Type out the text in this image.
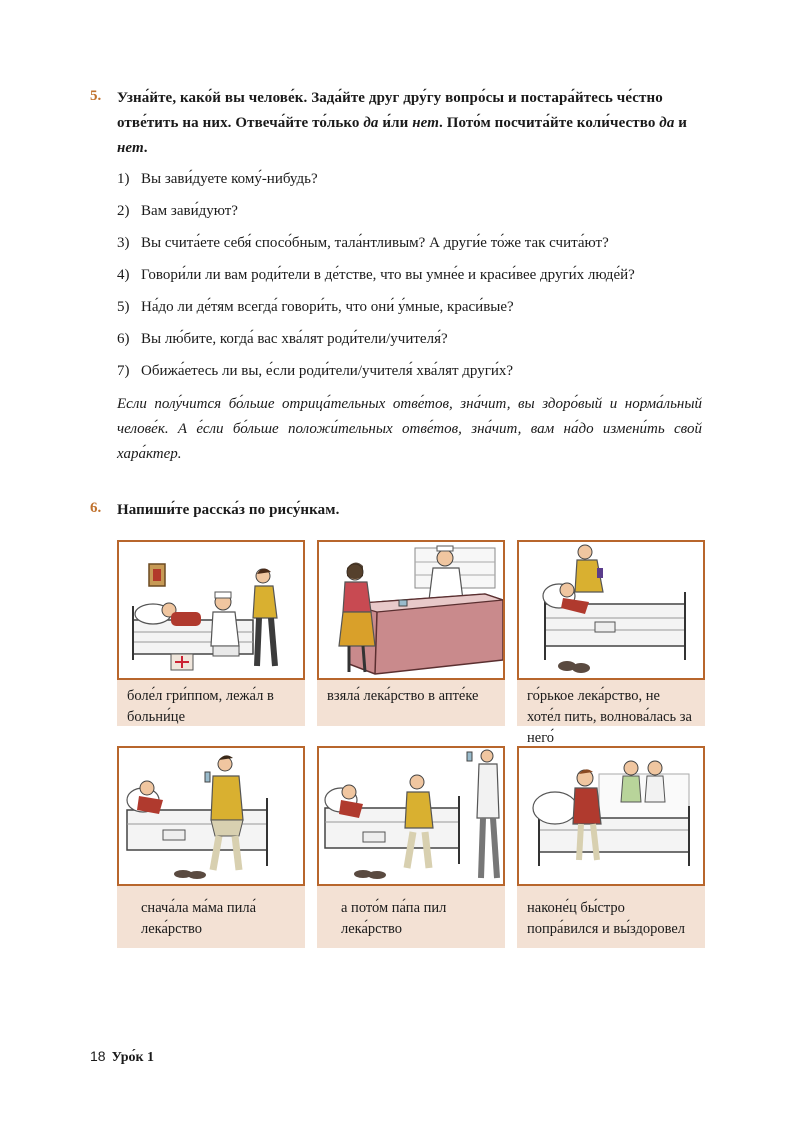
5. Узна́йте, како́й вы челове́к. Зада́йте друг дру́гу вопро́сы и постара́йтесь че́стно отве́тить на них. Отвеча́йте то́лько да и́ли нет. Пото́м посчита́йте коли́чество да и нет.
1) Вы зави́дуете кому́-нибудь?
2) Вам зави́дуют?
3) Вы счита́ете себя́ спосо́бным, тала́нтливым? А други́е то́же так счита́ют?
4) Говори́ли ли вам роди́тели в де́тстве, что вы умне́е и краси́вее други́х люде́й?
5) На́до ли де́тям всегда́ говори́ть, что они́ у́мные, краси́вые?
6) Вы лю́бите, когда́ вас хва́лят роди́тели/учителя́?
7) Обижа́етесь ли вы, е́сли роди́тели/учителя́ хва́лят други́х?
Если полу́чится бо́льше отрица́тельных отве́тов, зна́чит, вы здоро́вый и норма́льный челове́к. А е́сли бо́льше положи́тельных отве́тов, зна́чит, вам на́до измени́ть свой хара́ктер.
6. Напиши́те расска́з по рису́нкам.
боле́л гри́ппом, лежа́л в больни́це
взяла́ лека́рство в апте́ке	го́рькое лека́рство, не хоте́л пить, волнова́лась за него́
снача́ла ма́ма пила́ лека́рство
а пото́м па́па пил лека́рство
наконе́ц бы́стро попра́вился и вы́здоровел
18 Уро́к 1
